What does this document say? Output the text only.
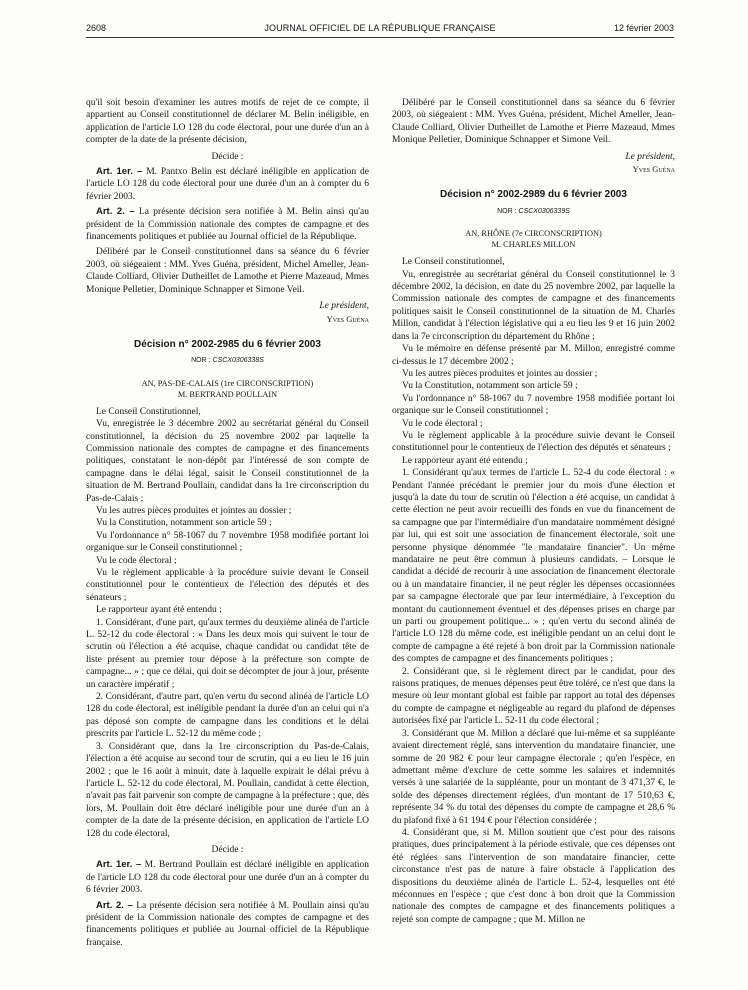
2608	JOURNAL OFFICIEL DE LA RÉPUBLIQUE FRANÇAISE	12 février 2003

qu'il soit besoin d'examiner les autres motifs de rejet de ce compte, il appartient au Conseil constitutionnel de déclarer M. Belin inéligible, en application de l'article LO 128 du code électoral, pour une durée d'un an à compter de la date de la présente décision,

Décide :

Art. 1er. – M. Pantxo Belin est déclaré inéligible en application de l'article LO 128 du code électoral pour une durée d'un an à compter du 6 février 2003.

Art. 2. – La présente décision sera notifiée à M. Belin ainsi qu'au président de la Commission nationale des comptes de campagne et des financements politiques et publiée au Journal officiel de la République.

Délibéré par le Conseil constitutionnel dans sa séance du 6 février 2003, où siégeaient : MM. Yves Guéna, président, Michel Ameller, Jean-Claude Colliard, Olivier Dutheillet de Lamothe et Pierre Mazeaud, Mmes Monique Pelletier, Dominique Schnapper et Simone Veil.

Le président,

Yves Guéna

Décision n° 2002-2985 du 6 février 2003
NOR : CSCX0306338S

AN, PAS-DE-CALAIS (1re CIRCONSCRIPTION)

M. BERTRAND POULLAIN

Le Conseil Constitutionnel,

Vu, enregistrée le 3 décembre 2002 au secrétariat général du Conseil constitutionnel, la décision du 25 novembre 2002 par laquelle la Commission nationale des comptes de campagne et des financements politiques, constatant le non-dépôt par l'intéressé de son compte de campagne dans le délai légal, saisit le Conseil constitutionnel de la situation de M. Bertrand Poullain, candidat dans la 1re circonscription du Pas-de-Calais ;

Vu les autres pièces produites et jointes au dossier ;

Vu la Constitution, notamment son article 59 ;

Vu l'ordonnance n° 58-1067 du 7 novembre 1958 modifiée portant loi organique sur le Conseil constitutionnel ;

Vu le code électoral ;

Vu le règlement applicable à la procédure suivie devant le Conseil constitutionnel pour le contentieux de l'élection des députés et des sénateurs ;

Le rapporteur ayant été entendu ;

1. Considérant, d'une part, qu'aux termes du deuxième alinéa de l'article L. 52-12 du code électoral : « Dans les deux mois qui suivent le tour de scrutin où l'élection a été acquise, chaque candidat ou candidat tête de liste présent au premier tour dépose à la préfecture son compte de campagne... » ; que ce délai, qui doit se décompter de jour à jour, présente un caractère impératif ;

2. Considérant, d'autre part, qu'en vertu du second alinéa de l'article LO 128 du code électoral, est inéligible pendant la durée d'un an celui qui n'a pas déposé son compte de campagne dans les conditions et le délai prescrits par l'article L. 52-12 du même code ;

3. Considérant que, dans la 1re circonscription du Pas-de-Calais, l'élection a été acquise au second tour de scrutin, qui a eu lieu le 16 juin 2002 ; que le 16 août à minuit, date à laquelle expirait le délai prévu à l'article L. 52-12 du code électoral, M. Poullain, candidat à cette élection, n'avait pas fait parvenir son compte de campagne à la préfecture ; que, dès lors, M. Poullain doit être déclaré inéligible pour une durée d'un an à compter de la date de la présente décision, en application de l'article LO 128 du code électoral,

Décide :

Art. 1er. – M. Bertrand Poullain est déclaré inéligible en application de l'article LO 128 du code électoral pour une durée d'un an à compter du 6 février 2003.

Art. 2. – La présente décision sera notifiée à M. Poullain ainsi qu'au président de la Commission nationale des comptes de campagne et des financements politiques et publiée au Journal officiel de la République française.

Délibéré par le Conseil constitutionnel dans sa séance du 6 février 2003, où siégeaient : MM. Yves Guéna, président, Michel Ameller, Jean-Claude Colliard, Olivier Dutheillet de Lamothe et Pierre Mazeaud, Mmes Monique Pelletier, Dominique Schnapper et Simone Veil.

Le président,

Yves Guéna

Décision n° 2002-2989 du 6 février 2003
NOR : CSCX0306339S

AN, RHÔNE (7e CIRCONSCRIPTION)

M. CHARLES MILLON

Le Conseil constitutionnel,

Vu, enregistrée au secrétariat général du Conseil constitutionnel le 3 décembre 2002, la décision, en date du 25 novembre 2002, par laquelle la Commission nationale des comptes de campagne et des financements politiques saisit le Conseil constitutionnel de la situation de M. Charles Millon, candidat à l'élection législative qui a eu lieu les 9 et 16 juin 2002 dans la 7e circonscription du département du Rhône ;

Vu le mémoire en défense présenté par M. Millon, enregistré comme ci-dessus le 17 décembre 2002 ;

Vu les autres pièces produites et jointes au dossier ;

Vu la Constitution, notamment son article 59 ;

Vu l'ordonnance n° 58-1067 du 7 novembre 1958 modifiée portant loi organique sur le Conseil constitutionnel ;

Vu le code électoral ;

Vu le règlement applicable à la procédure suivie devant le Conseil constitutionnel pour le contentieux de l'élection des députés et sénateurs ;

Le rapporteur ayant été entendu ;

1. Considérant qu'aux termes de l'article L. 52-4 du code électoral : « Pendant l'année précédant le premier jour du mois d'une élection et jusqu'à la date du tour de scrutin où l'élection a été acquise, un candidat à cette élection ne peut avoir recueilli des fonds en vue du financement de sa campagne que par l'intermédiaire d'un mandataire nommément désigné par lui, qui est soit une association de financement électorale, soit une personne physique dénommée "le mandataire financier". Un même mandataire ne peut être commun à plusieurs candidats. – Lorsque le candidat a décidé de recourir à une association de financement électorale ou à un mandataire financier, il ne peut régler les dépenses occasionnées par sa campagne électorale que par leur intermédiaire, à l'exception du montant du cautionnement éventuel et des dépenses prises en charge par un parti ou groupement politique... » ; qu'en vertu du second alinéa de l'article LO 128 du même code, est inéligible pendant un an celui dont le compte de campagne a été rejeté à bon droit par la Commission nationale des comptes de campagne et des financements politiques ;

2. Considérant que, si le règlement direct par le candidat, pour des raisons pratiques, de menues dépenses peut être toléré, ce n'est que dans la mesure où leur montant global est faible par rapport au total des dépenses du compte de campagne et négligeable au regard du plafond de dépenses autorisées fixé par l'article L. 52-11 du code électoral ;

3. Considérant que M. Millon a déclaré que lui-même et sa suppléante avaient directement réglé, sans intervention du mandataire financier, une somme de 20 982 € pour leur campagne électorale ; qu'en l'espèce, en admettant même d'exclure de cette somme les salaires et indemnités versés à une salariée de la suppléante, pour un montant de 3 471,37 €, le solde des dépenses directement réglées, d'un montant de 17 510,63 €, représente 34 % du total des dépenses du compte de campagne et 28,6 % du plafond fixé à 61 194 € pour l'élection considérée ;

4. Considérant que, si M. Millon soutient que c'est pour des raisons pratiques, dues principalement à la période estivale, que ces dépenses ont été réglées sans l'intervention de son mandataire financier, cette circonstance n'est pas de nature à faire obstacle à l'application des dispositions du deuxième alinéa de l'article L. 52-4, lesquelles ont été méconnues en l'espèce ; que c'est donc à bon droit que la Commission nationale des comptes de campagne et des financements politiques a rejeté son compte de campagne ; que M. Millon ne
